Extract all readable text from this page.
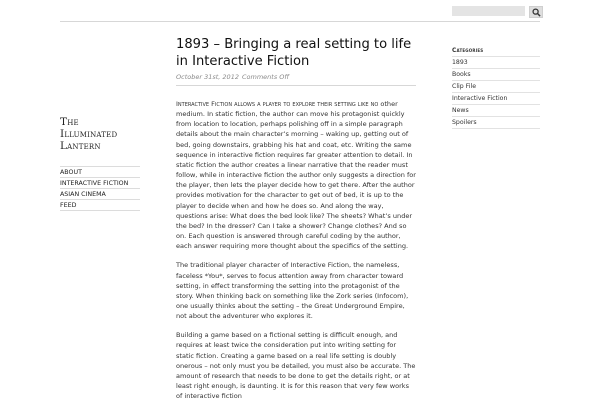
The
Illuminated
Lantern
ABOUT
INTERACTIVE FICTION
ASIAN CINEMA
FEED
1893 – Bringing a real setting to life in Interactive Fiction
October 31st, 2012 Comments Off

Interactive Fiction allows a player to explore their setting like no other medium. In static fiction, the author can move his protagonist quickly from location to location, perhaps polishing off in a simple paragraph details about the main character’s morning – waking up, getting out of bed, going downstairs, grabbing his hat and coat, etc. Writing the same sequence in interactive fiction requires far greater attention to detail. In static fiction the author creates a linear narrative that the reader must follow, while in interactive fiction the author only suggests a direction for the player, then lets the player decide how to get there. After the author provides motivation for the character to get out of bed, it is up to the player to decide when and how he does so. And along the way, questions arise: What does the bed look like? The sheets? What’s under the bed? In the dresser? Can I take a shower? Change clothes? And so on. Each question is answered through careful coding by the author, each answer requiring more thought about the specifics of the setting.

The traditional player character of Interactive Fiction, the nameless, faceless *You*, serves to focus attention away from character toward setting, in effect transforming the setting into the protagonist of the story. When thinking back on something like the Zork series (Infocom), one usually thinks about the setting – the Great Underground Empire, not about the adventurer who explores it.

Building a game based on a fictional setting is difficult enough, and requires at least twice the consideration put into writing setting for static fiction. Creating a game based on a real life setting is doubly onerous – not only must you be detailed, you must also be accurate. The amount of research that needs to be done to get the details right, or at least right enough, is daunting. It is for this reason that very few works of interactive fiction

Categories
1893
Books
Clip File
Interactive Fiction
News
Spoilers
